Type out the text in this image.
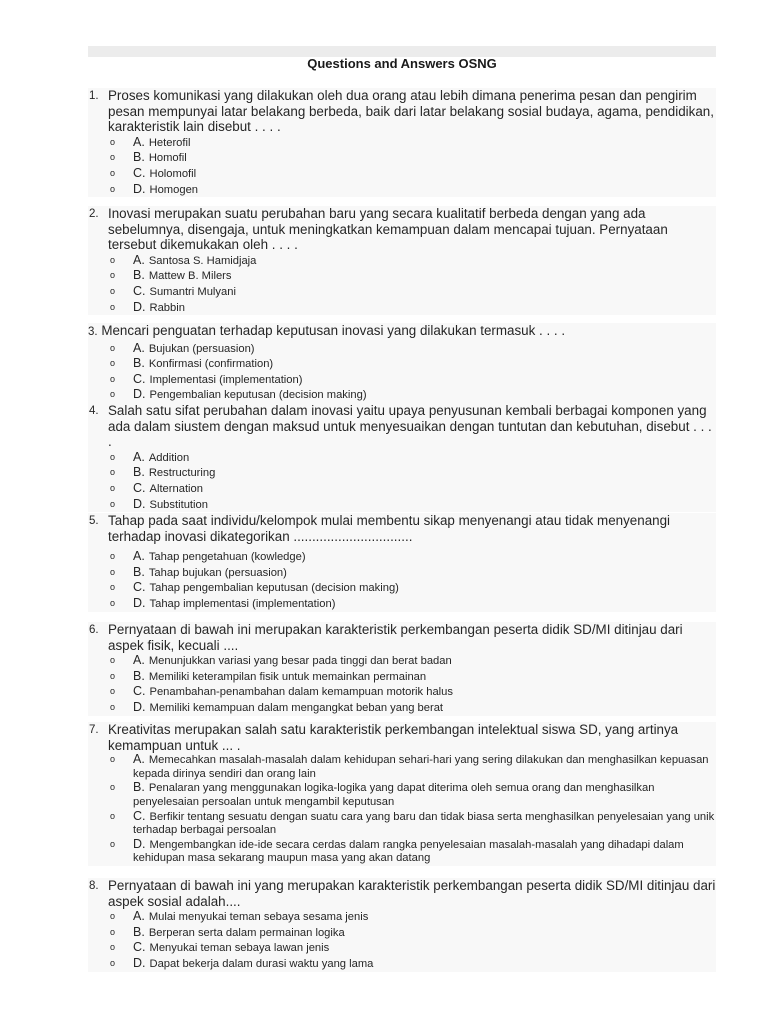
Questions and Answers OSNG
1. Proses komunikasi yang dilakukan oleh dua orang atau lebih dimana penerima pesan dan pengirim pesan mempunyai latar belakang berbeda, baik dari latar belakang sosial budaya, agama, pendidikan, karakteristik lain disebut . . . .
o A. Heterofil
o B. Homofil
o C. Holomofil
o D. Homogen
2. Inovasi merupakan suatu perubahan baru yang secara kualitatif berbeda dengan yang ada sebelumnya, disengaja, untuk meningkatkan kemampuan dalam mencapai tujuan. Pernyataan tersebut dikemukakan oleh . . . .
o A. Santosa S. Hamidjaja
o B. Mattew B. Milers
o C. Sumantri Mulyani
o D. Rabbin
3. Mencari penguatan terhadap keputusan inovasi yang dilakukan termasuk . . . .
o A. Bujukan (persuasion)
o B. Konfirmasi (confirmation)
o C. Implementasi (implementation)
o D. Pengembalian keputusan (decision making)
4. Salah satu sifat perubahan dalam inovasi yaitu upaya penyusunan kembali berbagai komponen yang ada dalam siustem dengan maksud untuk menyesuaikan dengan tuntutan dan kebutuhan, disebut . . . .
o A. Addition
o B. Restructuring
o C. Alternation
o D. Substitution
5. Tahap pada saat individu/kelompok mulai membentu sikap menyenangi atau tidak menyenangi terhadap inovasi dikategorikan ................................
o A. Tahap pengetahuan (kowledge)
o B. Tahap bujukan (persuasion)
o C. Tahap pengembalian keputusan (decision making)
o D. Tahap implementasi (implementation)
6. Pernyataan di bawah ini merupakan karakteristik perkembangan peserta didik SD/MI ditinjau dari aspek fisik, kecuali ....
o A. Menunjukkan variasi yang besar pada tinggi dan berat badan
o B. Memiliki keterampilan fisik untuk memainkan permainan
o C. Penambahan-penambahan dalam kemampuan motorik halus
o D. Memiliki kemampuan dalam mengangkat beban yang berat
7. Kreativitas merupakan salah satu karakteristik perkembangan intelektual siswa SD, yang artinya kemampuan untuk ... .
o A. Memecahkan masalah-masalah dalam kehidupan sehari-hari yang sering dilakukan dan menghasilkan kepuasan kepada dirinya sendiri dan orang lain
o B. Penalaran yang menggunakan logika-logika yang dapat diterima oleh semua orang dan menghasilkan penyelesaian persoalan untuk mengambil keputusan
o C. Berfikir tentang sesuatu dengan suatu cara yang baru dan tidak biasa serta menghasilkan penyelesaian yang unik terhadap berbagai persoalan
o D. Mengembangkan ide-ide secara cerdas dalam rangka penyelesaian masalah-masalah yang dihadapi dalam kehidupan masa sekarang maupun masa yang akan datang
8. Pernyataan di bawah ini yang merupakan karakteristik perkembangan peserta didik SD/MI ditinjau dari aspek sosial adalah....
o A. Mulai menyukai teman sebaya sesama jenis
o B. Berperan serta dalam permainan logika
o C. Menyukai teman sebaya lawan jenis
o D. Dapat bekerja dalam durasi waktu yang lama
